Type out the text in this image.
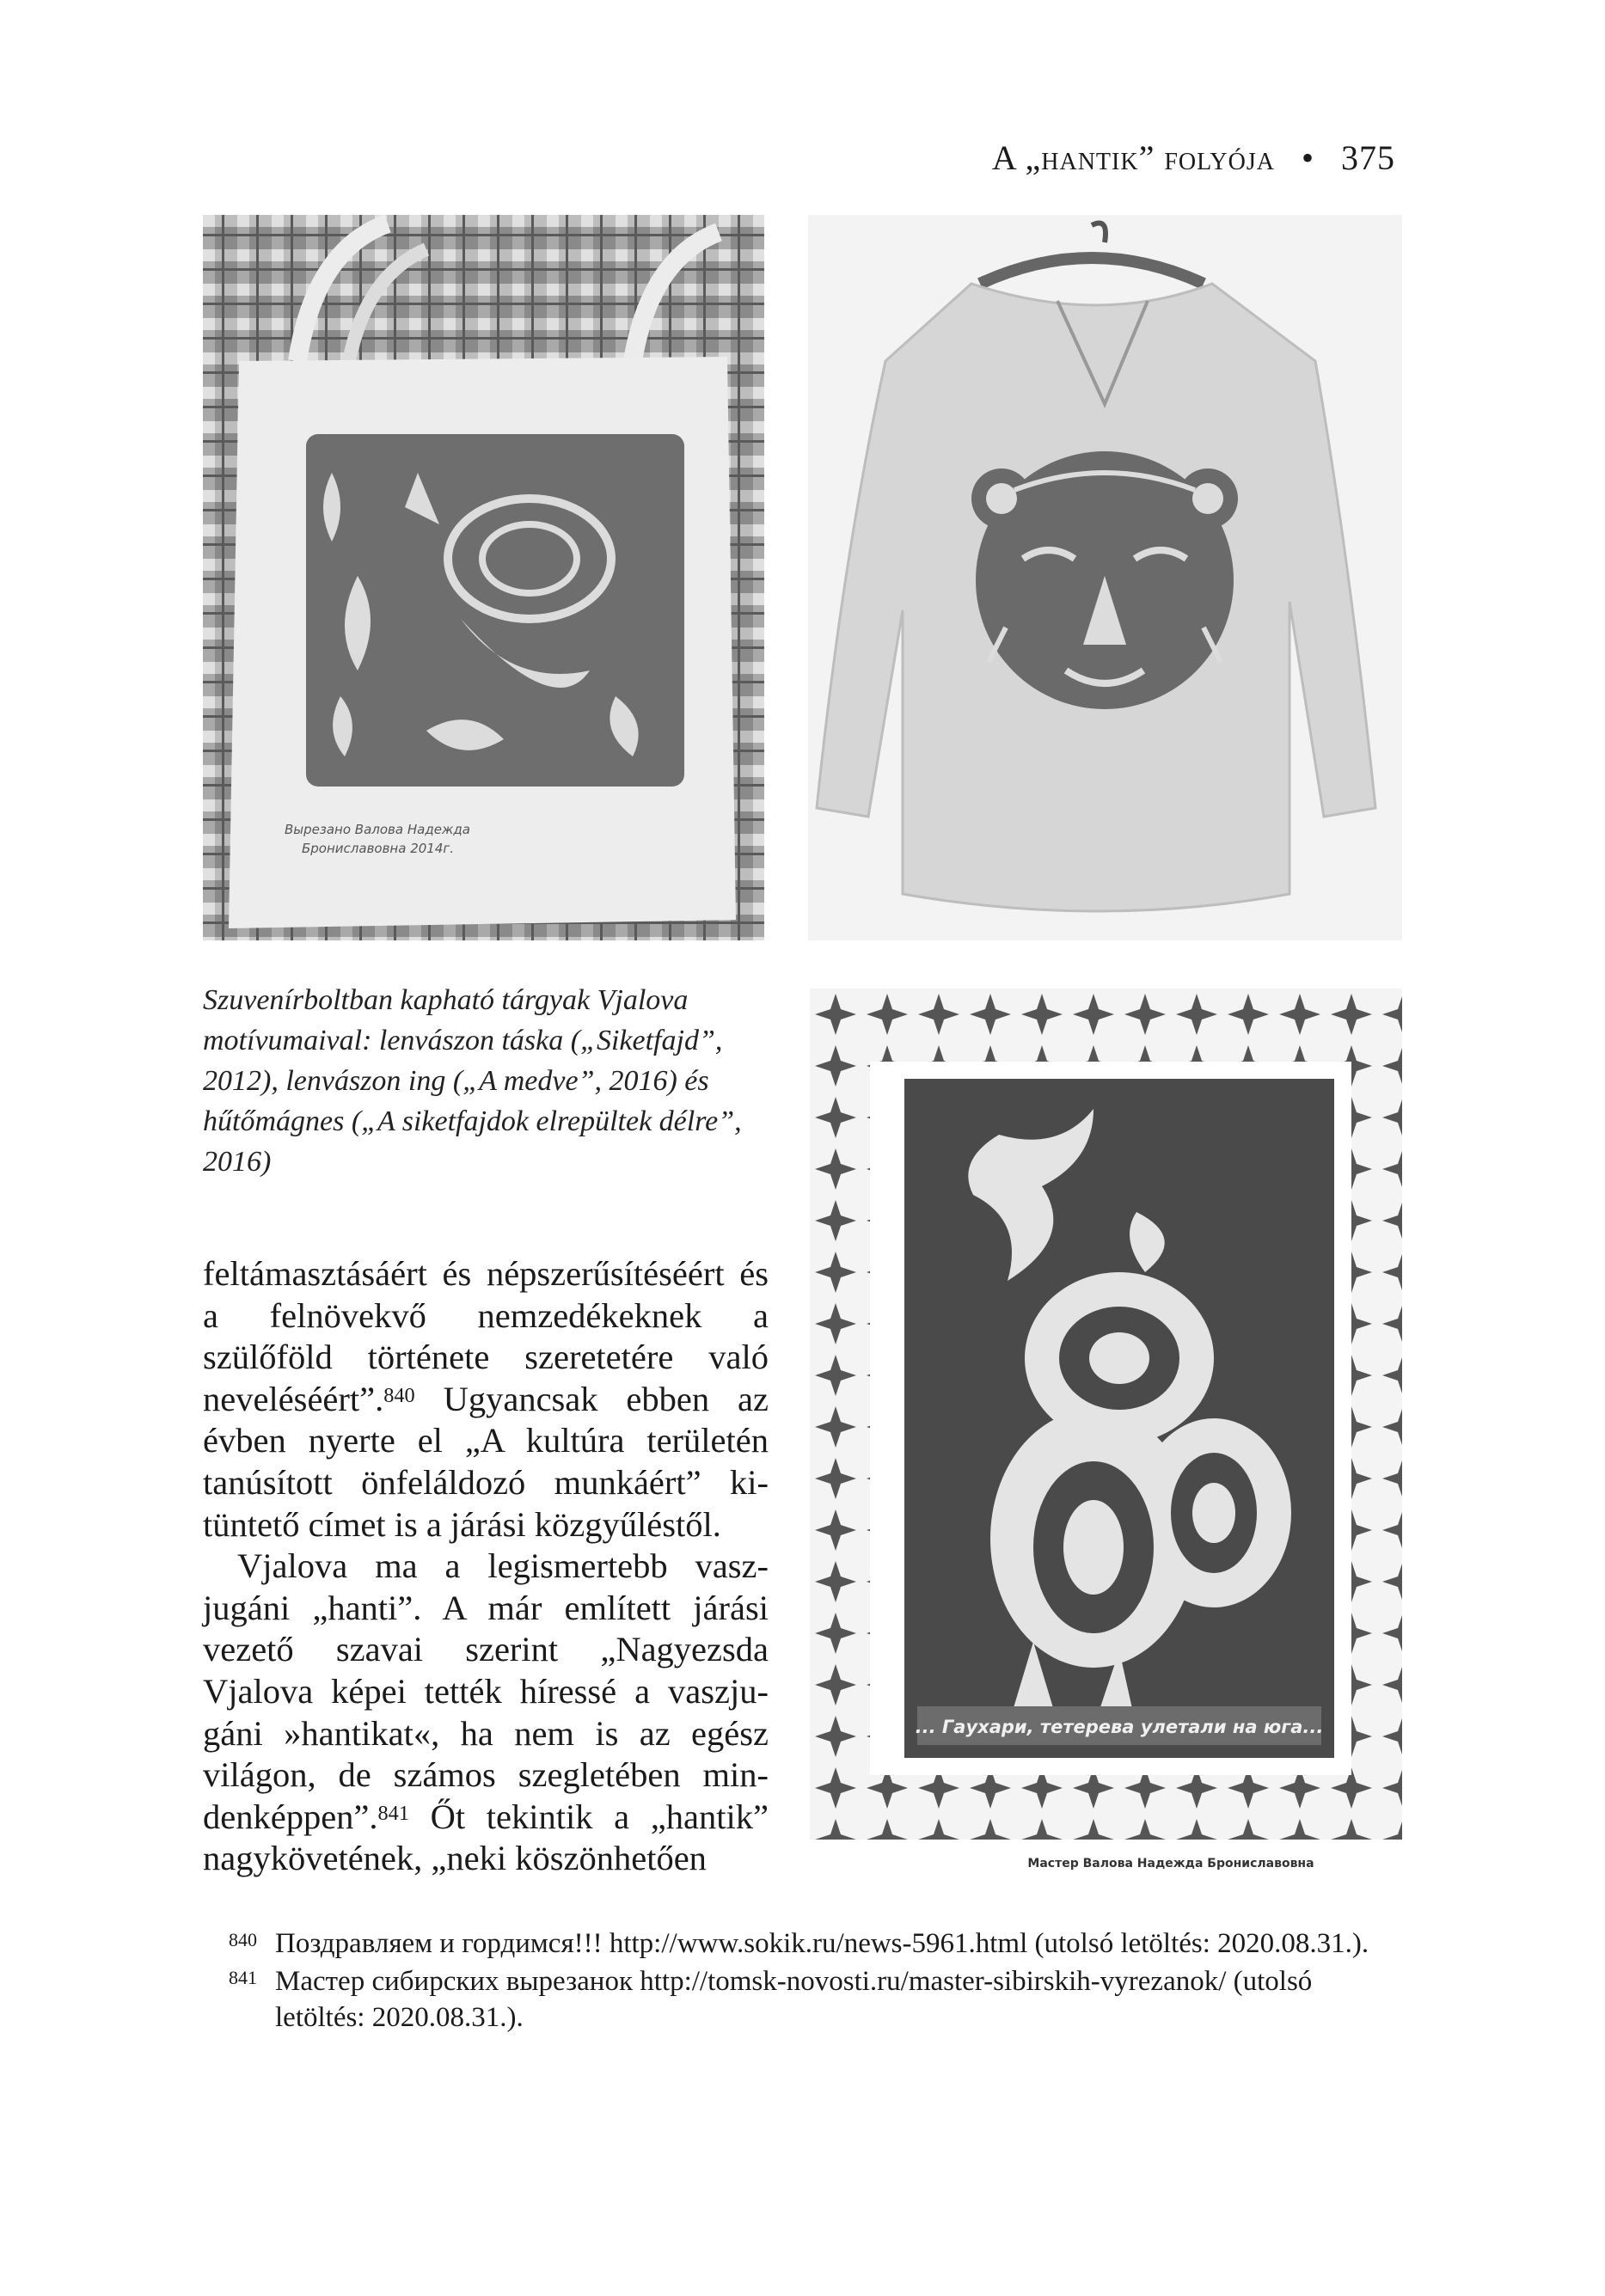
A „hantik” folyója • 375
Вырезано Валова Надежда
Брониславовна 2014г.
Szuvenírboltban kapható tárgyak Vjalova motívumaival: lenvászon táska („Siketfajd”, 2012), lenvászon ing („A medve”, 2016) és hűtőmágnes („A siketfajdok elrepültek délre”, 2016)
... Гаухари, тетерева улетали на юга...
Мастер Валова Надежда Брониславовна

feltámasztásáért és népszerűsítéséért és a felnövekvő nemzedékeknek a szülőföld története szeretetére való neveléséért”.$^{840}$ Ugyancsak ebben az évben nyerte el „A kultúra területén tanúsított önfeláldozó munkáért” kitüntető címet is a járási közgyűléstől.

Vjalova ma a legismertebb vaszjugáni „hanti”. A már említett járási vezető szavai szerint „Nagyezsda Vjalova képei tették híressé a vaszjugáni »hantikat«, ha nem is az egész világon, de számos szegletében mindenképpen”.$^{841}$ Őt tekintik a „hantik” nagykövetének, „neki köszönhetően

840 Поздравляем и гордимся!!! http://www.sokik.ru/news-5961.html (utolsó letöltés: 2020.08.31.).
841 Мастер сибирских вырезанок http://tomsk-novosti.ru/master-sibirskih-vyrezanok/ (utolsó letöltés: 2020.08.31.).
